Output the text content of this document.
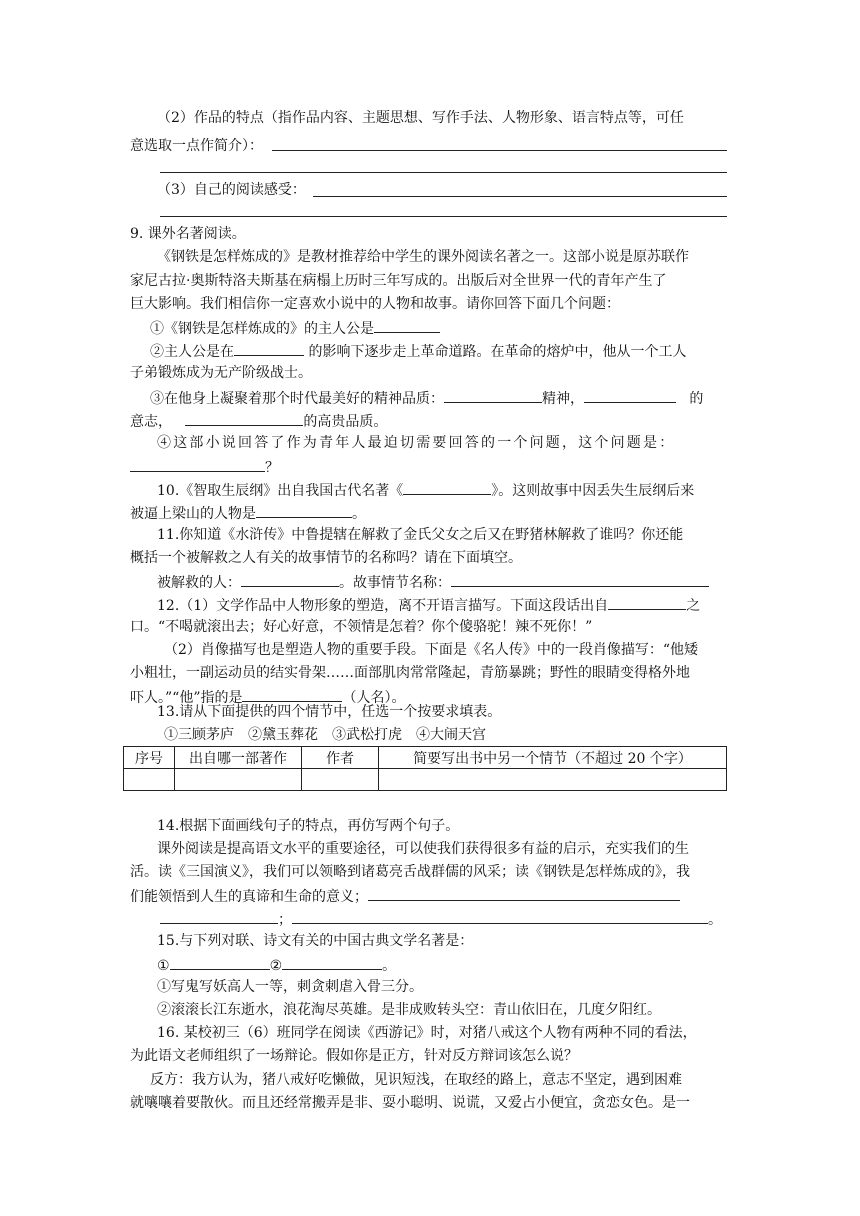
（2）作品的特点（指作品内容、主题思想、写作手法、人物形象、语言特点等，可任
意选取一点作简介）：
（3）自己的阅读感受：
9. 课外名著阅读。
《钢铁是怎样炼成的》是教材推荐给中学生的课外阅读名著之一。这部小说是原苏联作
家尼古拉·奥斯特洛夫斯基在病榻上历时三年写成的。出版后对全世界一代的青年产生了
巨大影响。我们相信你一定喜欢小说中的人物和故事。请你回答下面几个问题：
①《钢铁是怎样炼成的》的主人公是
②主人公是在	的影响下逐步走上革命道路。在革命的熔炉中，他从一个工人
子弟锻炼成为无产阶级战士。
③在他身上凝聚着那个时代最美好的精神品质：	精神，	的
意志，	的高贵品质。
④这部小说回答了作为青年人最迫切需要回答的一个问题，这个问题是：
？
10.《智取生辰纲》出自我国古代名著《	》。这则故事中因丢失生辰纲后来
被逼上梁山的人物是	。
11.你知道《水浒传》中鲁提辖在解救了金氏父女之后又在野猪林解救了谁吗？你还能
概括一个被解救之人有关的故事情节的名称吗？请在下面填空。
被解救的人：	。故事情节名称：
12.（1）文学作品中人物形象的塑造，离不开语言描写。下面这段话出自	之
口。“不喝就滚出去；好心好意，不领情是怎着？你个傻骆驼！辣不死你！”
（2）肖像描写也是塑造人物的重要手段。下面是《名人传》中的一段肖像描写：“他矮
小粗壮，一副运动员的结实骨架……面部肌肉常常隆起，青筋暴跳；野性的眼睛变得格外地
吓人。”“他”指的是	（人名）。
13.请从下面提供的四个情节中，任选一个按要求填表。
①三顾茅庐　②黛玉葬花　③武松打虎　④大闹天宫
序号	出自哪一部著作	作者	简要写出书中另一个情节（不超过 20 个字）

14.根据下面画线句子的特点，再仿写两个句子。
课外阅读是提高语文水平的重要途径，可以使我们获得很多有益的启示，充实我们的生
活。读《三国演义》，我们可以领略到诸葛亮舌战群儒的风采；读《钢铁是怎样炼成的》，我
们能领悟到人生的真谛和生命的意义；
；	。
15.与下列对联、诗文有关的中国古典文学名著是：
①	②	。
①写鬼写妖高人一等，刺贪刺虐入骨三分。
②滚滚长江东逝水，浪花淘尽英雄。是非成败转头空：青山依旧在，几度夕阳红。
16. 某校初三（6）班同学在阅读《西游记》时，对猪八戒这个人物有两种不同的看法，
为此语文老师组织了一场辩论。假如你是正方，针对反方辩词该怎么说？
反方：我方认为，猪八戒好吃懒做，见识短浅，在取经的路上，意志不坚定，遇到困难
就嚷嚷着要散伙。而且还经常搬弄是非、耍小聪明、说谎，又爱占小便宜，贪恋女色。是一
